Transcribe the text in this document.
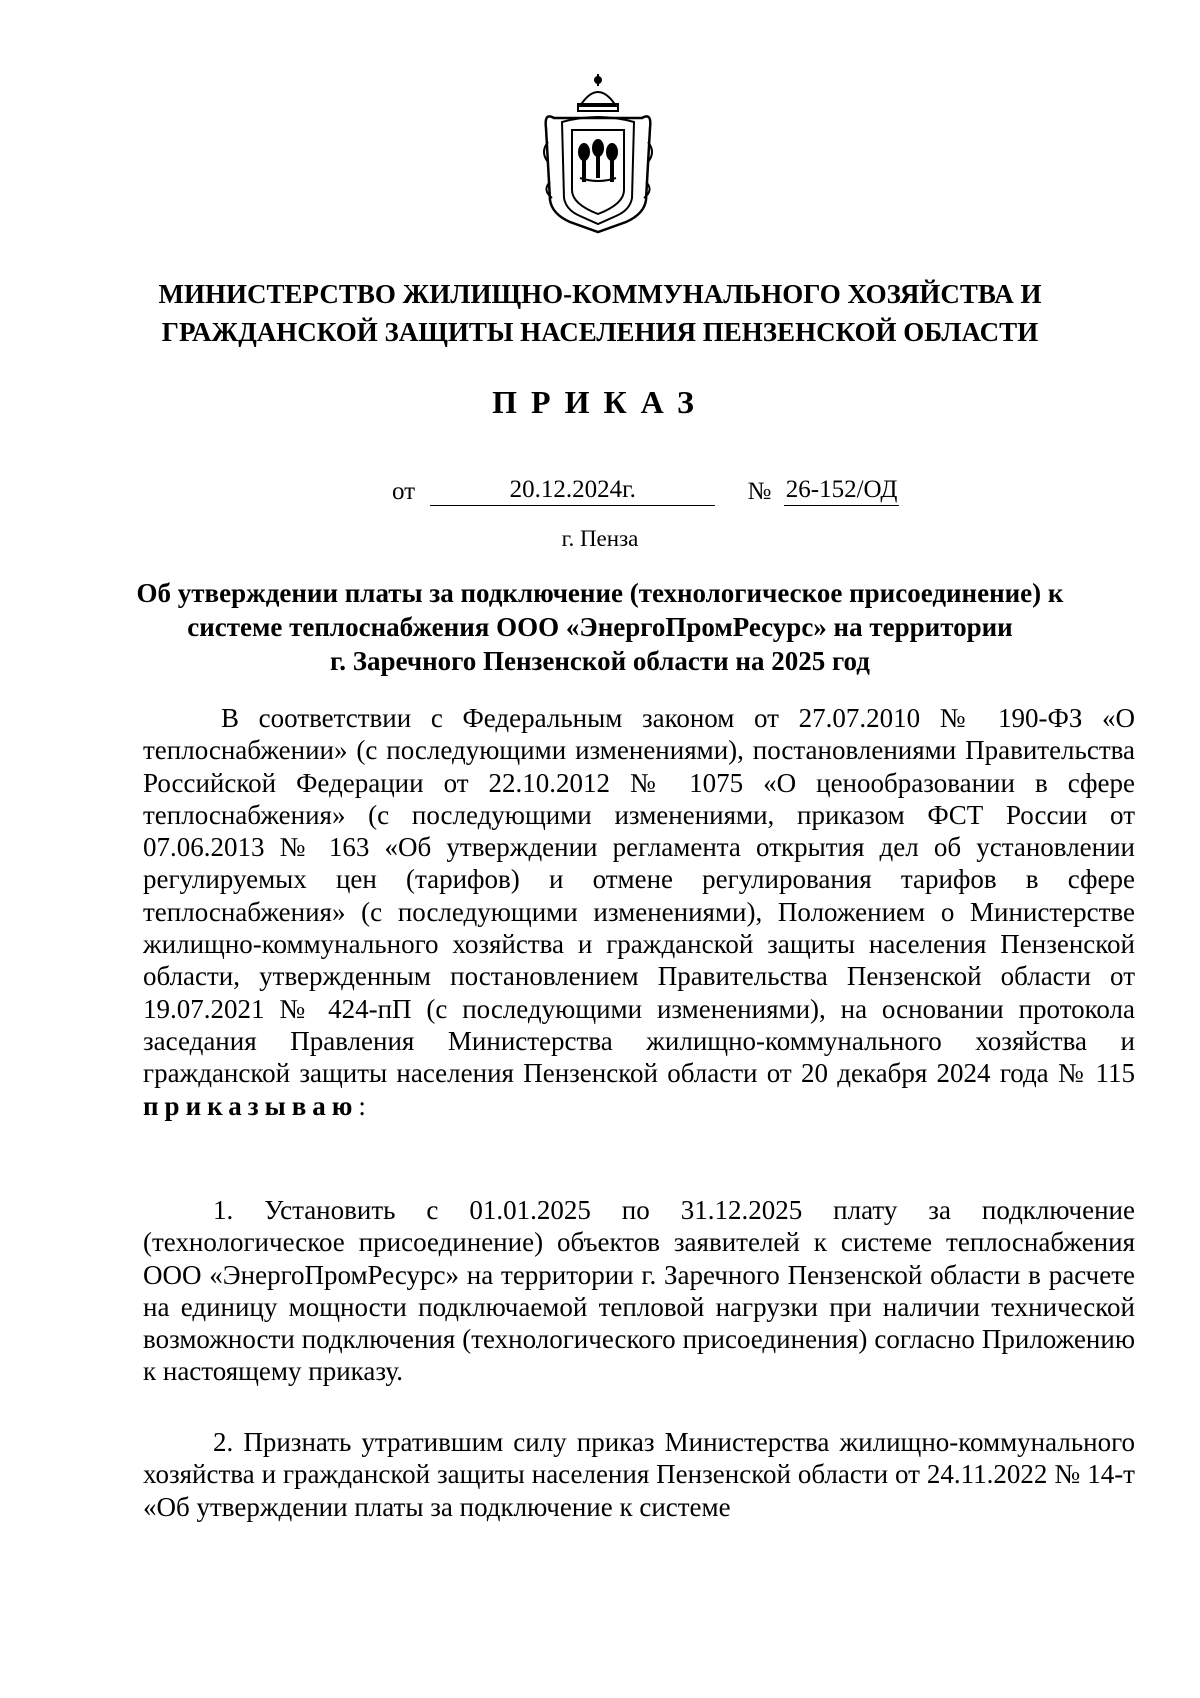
МИНИСТЕРСТВО ЖИЛИЩНО-КОММУНАЛЬНОГО ХОЗЯЙСТВА И
ГРАЖДАНСКОЙ ЗАЩИТЫ НАСЕЛЕНИЯ ПЕНЗЕНСКОЙ ОБЛАСТИ
ПРИКАЗ
от	20.12.2024г.	№ 26-152/ОД
г. Пенза
Об утверждении платы за подключение (технологическое присоединение) к
системе теплоснабжения ООО «ЭнергоПромРесурс» на территории
г. Заречного Пензенской области на 2025 год

В соответствии с Федеральным законом от 27.07.2010 № 190-ФЗ «О теплоснабжении» (с последующими изменениями), постановлениями Правительства Российской Федерации от 22.10.2012 № 1075 «О ценообразовании в сфере теплоснабжения» (с последующими изменениями, приказом ФСТ России от 07.06.2013 № 163 «Об утверждении регламента открытия дел об установлении регулируемых цен (тарифов) и отмене регулирования тарифов в сфере теплоснабжения» (с последующими изменениями), Положением о Министерстве жилищно-коммунального хозяйства и гражданской защиты населения Пензенской области, утвержденным постановлением Правительства Пензенской области от 19.07.2021 № 424-пП (с последующими изменениями), на основании протокола заседания Правления Министерства жилищно-коммунального хозяйства и гражданской защиты населения Пензенской области от 20 декабря 2024 года № 115 приказываю:

1. Установить с 01.01.2025 по 31.12.2025 плату за подключение (технологическое присоединение) объектов заявителей к системе теплоснабжения ООО «ЭнергоПромРесурс» на территории г. Заречного Пензенской области в расчете на единицу мощности подключаемой тепловой нагрузки при наличии технической возможности подключения (технологического присоединения) согласно Приложению к настоящему приказу.

2. Признать утратившим силу приказ Министерства жилищно-коммунального хозяйства и гражданской защиты населения Пензенской области от 24.11.2022 № 14-т «Об утверждении платы за подключение к системе
